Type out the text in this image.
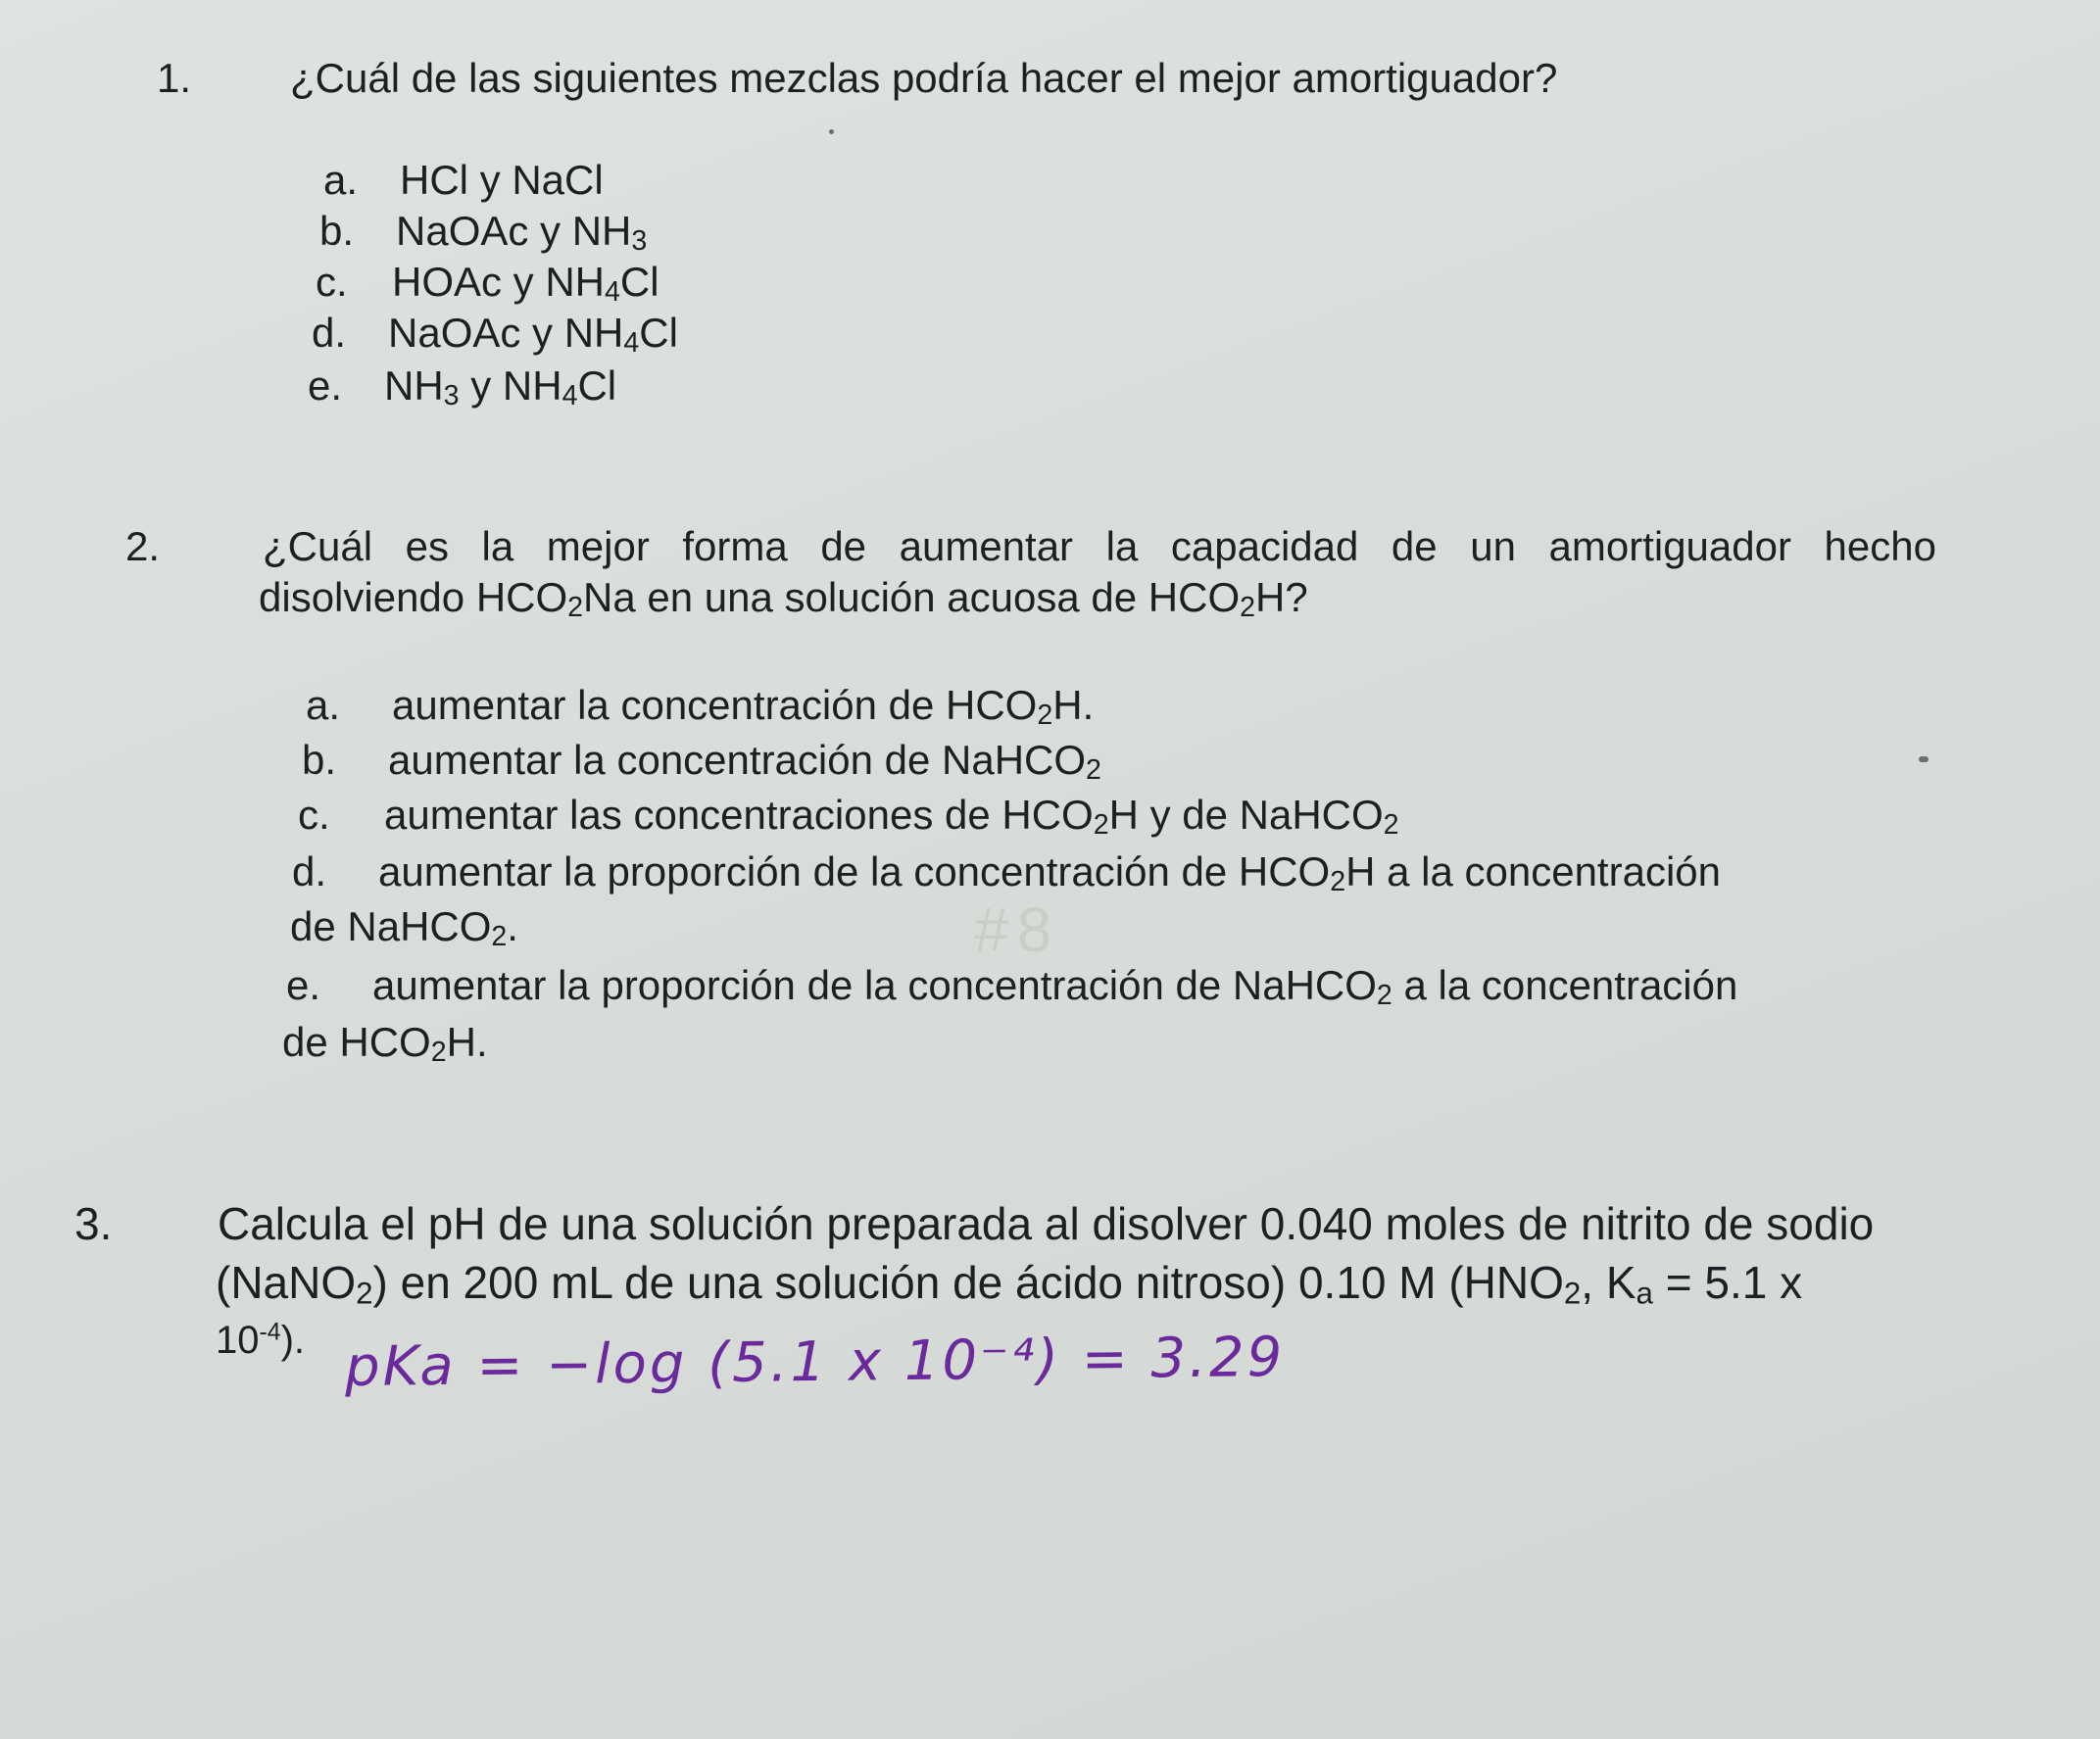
1. ¿Cuál de las siguientes mezclas podría hacer el mejor amortiguador?
a. HCl y NaCl
b. NaOAc y $NH_3$
c. HOAc y $NH_4Cl$
d. NaOAc y $NH_4Cl$
e. $NH_3$ y $NH_4Cl$
2. ¿Cuál es la mejor forma de aumentar la capacidad de un amortiguador hecho
disolviendo $HCO_2Na$ en una solución acuosa de $HCO_2H$?
a. aumentar la concentración de $HCO_2H$.
b. aumentar la concentración de NaHCO$_2$
c. aumentar las concentraciones de $HCO_2H$ y de NaHCO$_2$
d. aumentar la proporción de la concentración de $HCO_2H$ a la concentración
de NaHCO$_2$.
e. aumentar la proporción de la concentración de NaHCO$_2$ a la concentración
de $HCO_2H$.
3. Calcula el pH de una solución preparada al disolver 0.040 moles de nitrito de sodio
(NaNO$_2$) en 200 mL de una solución de ácido nitroso) 0.10 M ($HNO_2$, $K_a = 5.1$ x
$10^{-4}$). pKa = −log (5.1 x 10⁻⁴) = 3.29
#8
